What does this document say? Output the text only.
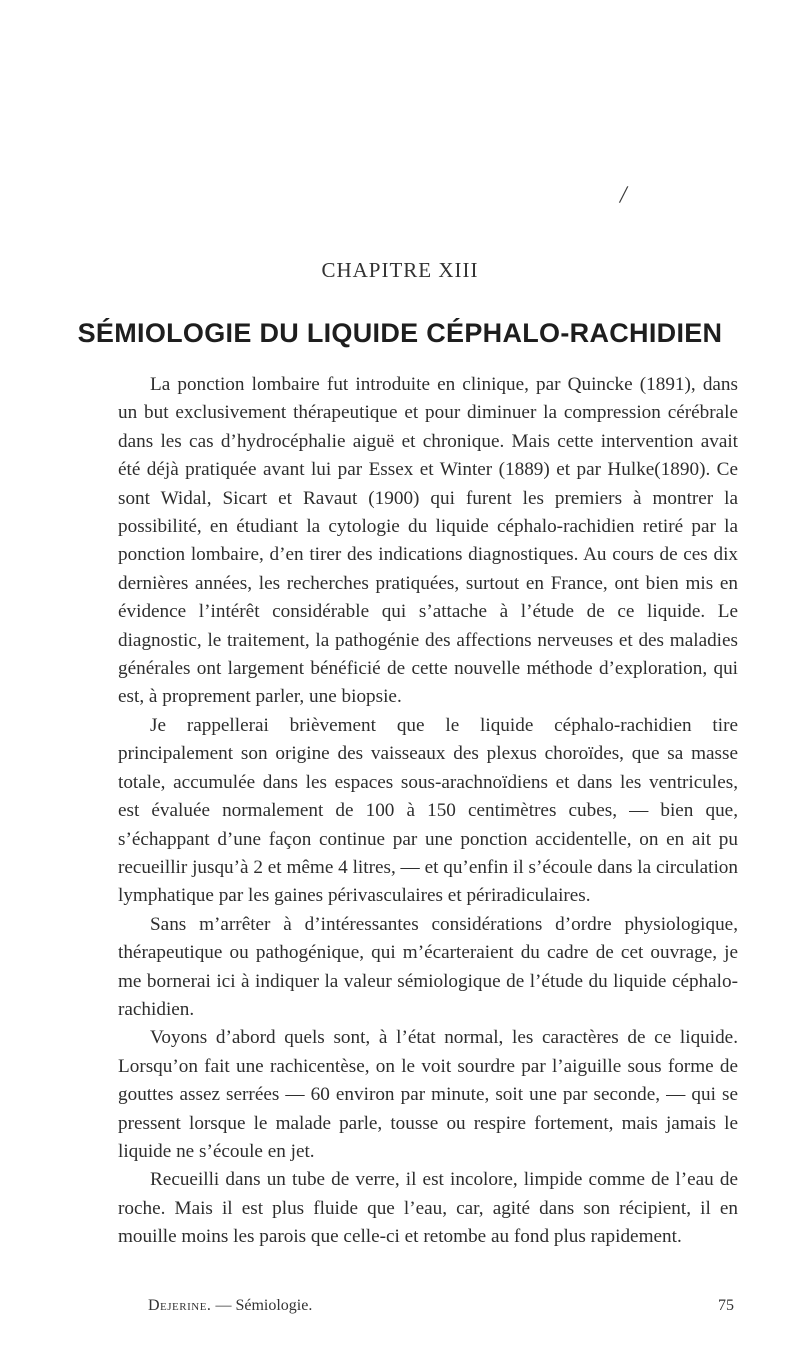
/
CHAPITRE XIII
SÉMIOLOGIE DU LIQUIDE CÉPHALO-RACHIDIEN

La ponction lombaire fut introduite en clinique, par Quincke (1891), dans un but exclusivement thérapeutique et pour diminuer la compression cérébrale dans les cas d’hydrocéphalie aiguë et chronique. Mais cette intervention avait été déjà pratiquée avant lui par Essex et Winter (1889) et par Hulke(1890). Ce sont Widal, Sicart et Ravaut (1900) qui furent les premiers à montrer la possibilité, en étudiant la cytologie du liquide céphalo-rachidien retiré par la ponction lombaire, d’en tirer des indications diagnostiques. Au cours de ces dix dernières années, les recherches pratiquées, surtout en France, ont bien mis en évidence l’intérêt considérable qui s’attache à l’étude de ce liquide. Le diagnostic, le traitement, la pathogénie des affections nerveuses et des maladies générales ont largement bénéficié de cette nouvelle méthode d’exploration, qui est, à proprement parler, une biopsie.

Je rappellerai brièvement que le liquide céphalo-rachidien tire principalement son origine des vaisseaux des plexus choroïdes, que sa masse totale, accumulée dans les espaces sous-arachnoïdiens et dans les ventricules, est évaluée normalement de 100 à 150 centimètres cubes, — bien que, s’échappant d’une façon continue par une ponction accidentelle, on en ait pu recueillir jusqu’à 2 et même 4 litres, — et qu’enfin il s’écoule dans la circulation lymphatique par les gaines périvasculaires et périradiculaires.

Sans m’arrêter à d’intéressantes considérations d’ordre physiologique, thérapeutique ou pathogénique, qui m’écarteraient du cadre de cet ouvrage, je me bornerai ici à indiquer la valeur sémiologique de l’étude du liquide céphalo-rachidien.

Voyons d’abord quels sont, à l’état normal, les caractères de ce liquide. Lorsqu’on fait une rachicentèse, on le voit sourdre par l’aiguille sous forme de gouttes assez serrées — 60 environ par minute, soit une par seconde, — qui se pressent lorsque le malade parle, tousse ou respire fortement, mais jamais le liquide ne s’écoule en jet.

Recueilli dans un tube de verre, il est incolore, limpide comme de l’eau de roche. Mais il est plus fluide que l’eau, car, agité dans son récipient, il en mouille moins les parois que celle-ci et retombe au fond plus rapidement.

Dejerine. — Sémiologie.	75
